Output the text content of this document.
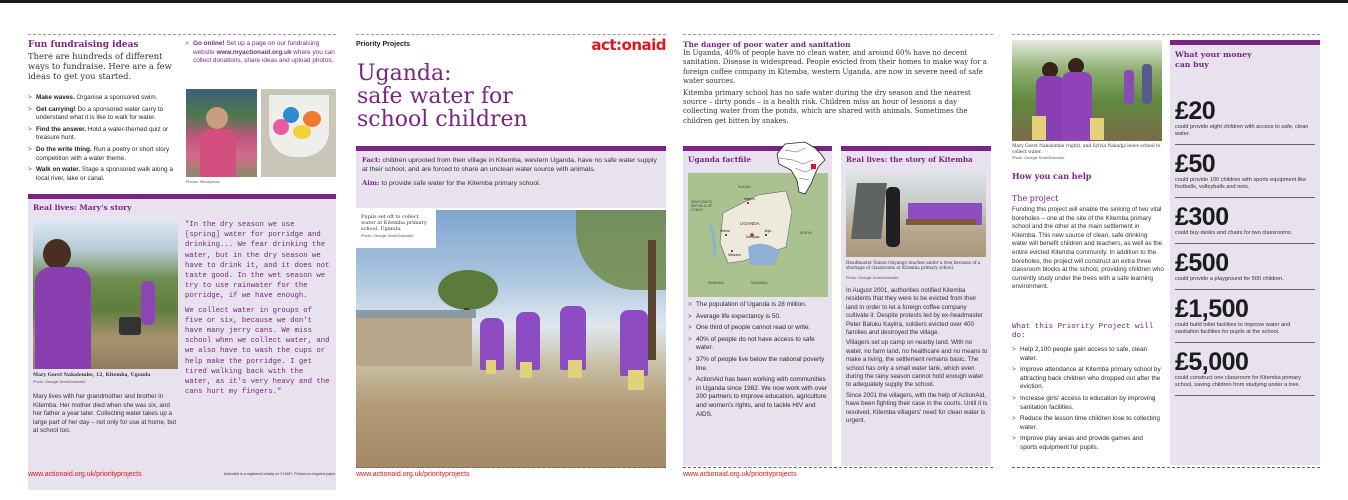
Fun fundraising ideas
There are hundreds of different ways to fundraise. Here are a few ideas to get you started.
> Make waves. Organise a sponsored swim.
> Get carrying! Do a sponsored water carry to understand what it is like to walk for water.
> Find the answer. Hold a water-themed quiz or treasure hunt.
> Do the write thing. Run a poetry or short story competition with a water theme.
> Walk on water. Stage a sponsored walk along a local river, lake or canal.
> Go online! Set up a page on our fundraising website www.myactionaid.org.uk where you can collect donations, share ideas and upload photos.
Photos: iStockphoto
Real lives: Mary's story
Mary Goret Nakalembe, 12, Kitemba, Uganda
Photo: Georgie Scott/ActionAid
Mary lives with her grandmother and brother in Kitemba. Her mother died when she was six, and her father a year later. Collecting water takes up a large part of her day – not only for use at home, but at school too.

"In the dry season we use [spring] water for porridge and drinking... We fear drinking the water, but in the dry season we have to drink it, and it does not taste good. In the wet season we try to use rainwater for the porridge, if we have enough.

We collect water in groups of five or six, because we don't have many jerry cans. We miss school when we collect water, and we also have to wash the cups or help make the porridge. I get tired walking back with the water, as it's very heavy and the cans hurt my fingers."

www.actionaid.org.uk/priorityprojects	ActionAid is a registered charity no 274467. Printed on recycled paper.
Priority Projects	act:onaid
Uganda:
safe water for
school children
Fact: children uprooted from their village in Kitemba, western Uganda, have no safe water supply at their school, and are forced to share an unclean water source with animals.
Aim: to provide safe water for the Kitemba primary school.
Pupils set off to collect water at Kitemba primary school, Uganda.
Photo: Georgie Scott/ActionAid
www.actionaid.org.uk/priorityprojects
The danger of poor water and sanitation

In Uganda, 40% of people have no clean water, and around 60% have no decent sanitation. Disease is widespread. People evicted from their homes to make way for a foreign coffee company in Kitemba, western Uganda, are now in severe need of safe water sources.

Kitemba primary school has no safe water during the dry season and the nearest source – dirty ponds – is a health risk. Children miss an hour of lessons a day collecting water from the ponds, which are shared with animals. Sometimes the children get bitten by snakes.

Uganda factfile
UGANDA
SUDAN
DEMOCRATIC REPUBLIC OF CONGO
KENYA
TANZANIA
RWANDA
Kampala
Kitgum
Jinja
Hoima
Mbarara
> The population of Uganda is 28 million.
> Average life expectancy is 50.
> One third of people cannot read or write.
> 40% of people do not have access to safe water.
> 37% of people live below the national poverty line.
> ActionAid has been working with communities in Uganda since 1982. We now work with over 200 partners to improve education, agriculture and women's rights, and to tackle HIV and AIDS.
Real lives: the story of Kitemba
Headmaster Simon Onyango teaches under a tree because of a shortage of classrooms at Kitemba primary school.
Photo: Georgie Scott/ActionAid

In August 2001, authorities notified Kitemba residents that they were to be evicted from their land in order to let a foreign coffee company cultivate it. Despite protests led by ex-headmaster Peter Baluku Kayiira, soldiers evicted over 400 families and destroyed the village.

Villagers set up camp on nearby land. With no water, no farm land, no healthcare and no means to make a living, the settlement remains basic. The school has only a small water tank, which even during the rainy season cannot hold enough water to adequately supply the school.

Since 2001 the villagers, with the help of ActionAid, have been fighting their case in the courts. Until it is resolved, Kitemba villagers' need for clean water is urgent.

www.actionaid.org.uk/priorityprojects
Mary Goret Nakalembe (right), and Sylvia Nakadja leave school to collect water.
Photo: Georgie Scott/ActionAid
How you can help
The project
Funding this project will enable the sinking of two vital boreholes – one at the site of the Kitemba primary school and the other at the main settlement in Kitemba. This new source of clean, safe drinking water will benefit children and teachers, as well as the entire evicted Kitemba community. In addition to the boreholes, the project will construct an extra three classroom blocks at the school, providing children who currently study under the trees with a safe learning environment.
What this Priority Project will do:
> Help 2,100 people gain access to safe, clean water.
> Improve attendance at Kitemba primary school by attracting back children who dropped out after the eviction.
> Increase girls' access to education by improving sanitation facilities.
> Reduce the lesson time children lose to collecting water.
> Improve play areas and provide games and sports equipment for pupils.
What your money can buy
£20
could provide eight children with access to safe, clean water.
£50
could provide 100 children with sports equipment like footballs, volleyballs and nets.
£300
could buy desks and chairs for two classrooms.
£500
could provide a playground for 500 children.
£1,500
could build toilet facilities to improve water and sanitation facilities for pupils at the school.
£5,000
could construct one classroom for Kitemba primary school, saving children from studying under a tree.
